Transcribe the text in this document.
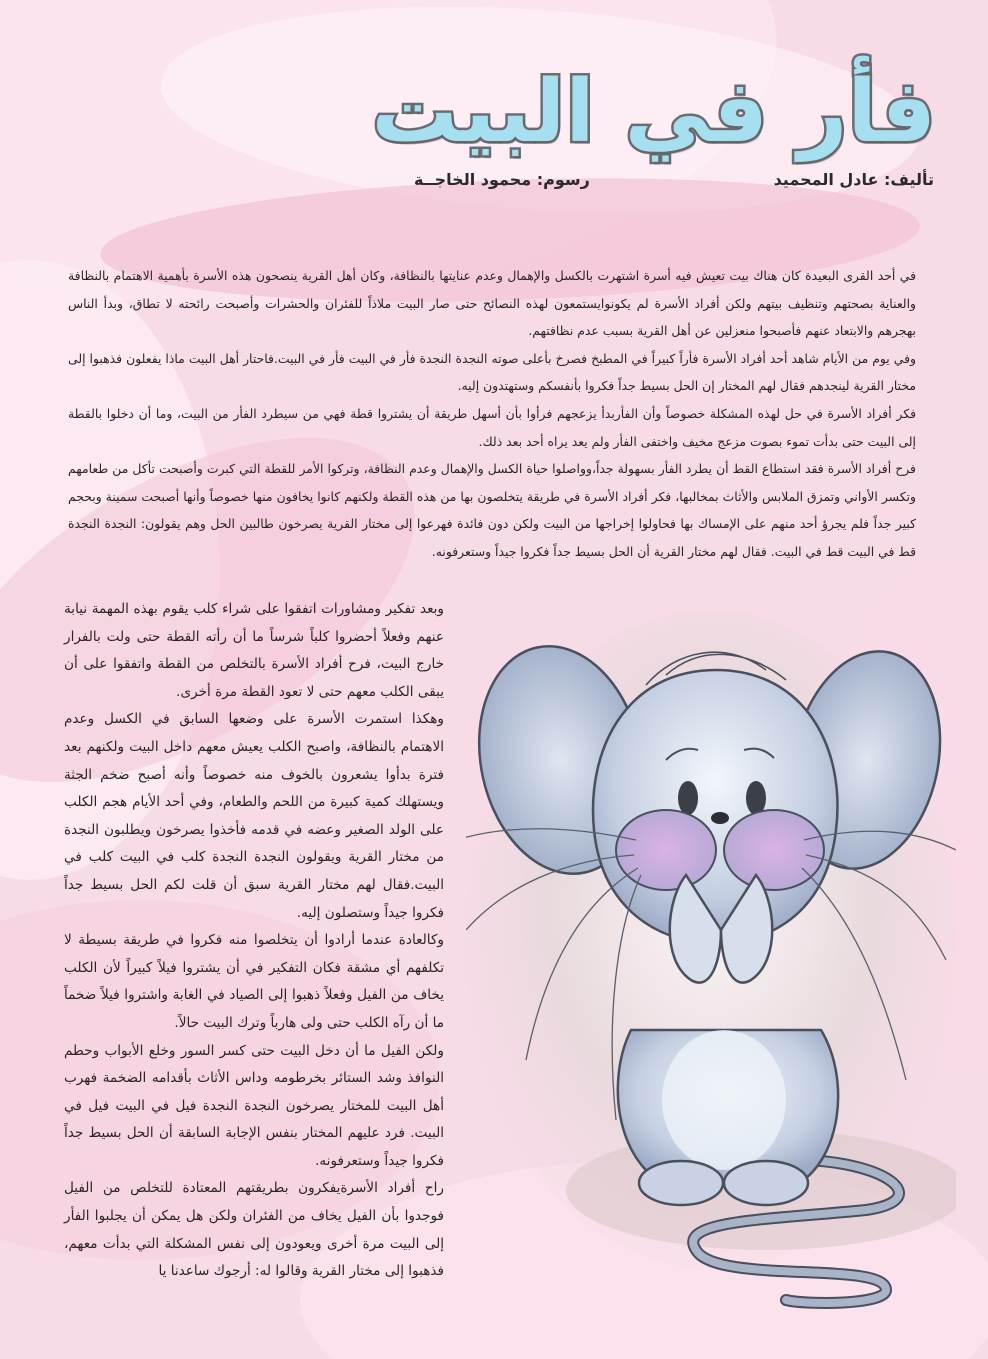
فأر في البيت
تأليف: عادل المحميد
رسوم: محمود الخاجــة

في أحد القرى البعيدة كان هناك بيت تعيش فيه أسرة اشتهرت بالكسل والإهمال وعدم عنايتها بالنظافة، وكان أهل القرية ينصحون هذه الأسرة بأهمية الاهتمام بالنظافة والعناية بصحتهم وتنظيف بيتهم ولكن أفراد الأسرة لم يكونوايستمعون لهذه النصائح حتى صار البيت ملاذاً للفئران والحشرات وأصبحت رائحته لا تطاق، وبدأ الناس بهجرهم والابتعاد عنهم فأصبحوا منعزلين عن أهل القرية بسبب عدم نظافتهم.

وفي يوم من الأيام شاهد أحد أفراد الأسرة فأراً كبيراً في المطبخ فصرخ بأعلى صوته النجدة النجدة فأر في البيت فأر في البيت.فاحتار أهل البيت ماذا يفعلون فذهبوا إلى مختار القرية لينجدهم فقال لهم المختار إن الحل بسيط جداً فكروا بأنفسكم وستهتدون إليه.

فكر أفراد الأسرة في حل لهذه المشكلة خصوصاً وأن الفأربدأ يزعجهم فرأوا بأن أسهل طريقة أن يشتروا قطة فهي من سيطرد الفأر من البيت، وما أن دخلوا بالقطة إلى البيت حتى بدأت تموء بصوت مزعج مخيف واختفى الفأر ولم يعد يراه أحد بعد ذلك.

فرح أفراد الأسرة فقد استطاع القط أن يطرد الفأر بسهولة جداً،وواصلوا حياة الكسل والإهمال وعدم النظافة، وتركوا الأمر للقطة التي كبرت وأصبحت تأكل من طعامهم وتكسر الأواني وتمزق الملابس والأثاث بمخالبها، فكر أفراد الأسرة في طريقة يتخلصون بها من هذه القطة ولكنهم كانوا يخافون منها خصوصاً وأنها أصبحت سمينة وبحجم كبير جداً فلم يجرؤ أحد منهم على الإمساك بها فحاولوا إخراجها من البيت ولكن دون فائدة فهرعوا إلى مختار القرية يصرخون طالبين الحل وهم يقولون: النجدة النجدة قط في البيت قط في البيت. فقال لهم مختار القرية أن الحل بسيط جداً فكروا جيداً وستعرفونه.

وبعد تفكير ومشاورات اتفقوا على شراء كلب يقوم بهذه المهمة نيابة عنهم وفعلاً أحضروا كلباً شرساً ما أن رأته القطة حتى ولت بالفرار خارج البيت، فرح أفراد الأسرة بالتخلص من القطة واتفقوا على أن يبقى الكلب معهم حتى لا تعود القطة مرة أخرى.

وهكذا استمرت الأسرة على وضعها السابق في الكسل وعدم الاهتمام بالنظافة، واصبح الكلب يعيش معهم داخل البيت ولكنهم بعد فترة بدأوا يشعرون بالخوف منه خصوصاً وأنه أصبح ضخم الجثة ويستهلك كمية كبيرة من اللحم والطعام، وفي أحد الأيام هجم الكلب على الولد الصغير وعضه في قدمه فأخذوا يصرخون ويطلبون النجدة من مختار القرية ويقولون النجدة النجدة كلب في البيت كلب في البيت.فقال لهم مختار القرية سبق أن قلت لكم الحل بسيط جداً فكروا جيداً وستصلون إليه.

وكالعادة عندما أرادوا أن يتخلصوا منه فكروا في طريقة بسيطة لا تكلفهم أي مشقة فكان التفكير في أن يشتروا فيلاً كبيراً لأن الكلب يخاف من الفيل وفعلاً ذهبوا إلى الصياد في الغابة واشتروا فيلاً ضخماً ما أن رآه الكلب حتى ولى هارباً وترك البيت حالاً.

ولكن الفيل ما أن دخل البيت حتى كسر السور وخلع الأبواب وحطم النوافذ وشد الستائر بخرطومه وداس الأثاث بأقدامه الضخمة فهرب أهل البيت للمختار يصرخون النجدة النجدة فيل في البيت فيل في البيت. فرد عليهم المختار بنفس الإجابة السابقة أن الحل بسيط جداً فكروا جيداً وستعرفونه.

راح أفراد الأسرةيفكرون بطريقتهم المعتادة للتخلص من الفيل فوجدوا بأن الفيل يخاف من الفئران ولكن هل يمكن أن يجلبوا الفأر إلى البيت مرة أخرى ويعودون إلى نفس المشكلة التي بدأت معهم، فذهبوا إلى مختار القرية وقالوا له: أرجوك ساعدنا يا
